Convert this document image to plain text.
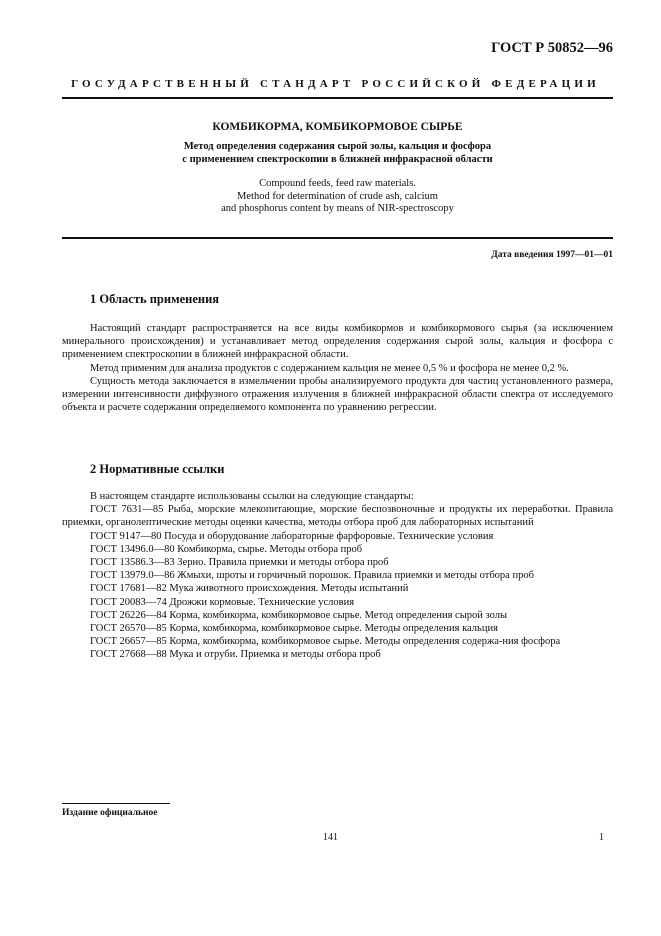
ГОСТ Р 50852—96
ГОСУДАРСТВЕННЫЙ СТАНДАРТ РОССИЙСКОЙ ФЕДЕРАЦИИ
КОМБИКОРМА, КОМБИКОРМОВОЕ СЫРЬЕ
Метод определения содержания сырой золы, кальция и фосфора
с применением спектроскопии в ближней инфракрасной области
Compound feeds, feed raw materials.
Method for determination of crude ash, calcium
and phosphorus content by means of NIR-spectroscopy
Дата введения 1997—01—01
1 Область применения

Настоящий стандарт распространяется на все виды комбикормов и комбикормового сырья (за исключением минерального происхождения) и устанавливает метод определения содержания сырой золы, кальция и фосфора с применением спектроскопии в ближней инфракрасной области.

Метод применим для анализа продуктов с содержанием кальция не менее 0,5 % и фосфора не менее 0,2 %.

Сущность метода заключается в измельчении пробы анализируемого продукта для частиц установленного размера, измерении интенсивности диффузного отражения излучения в ближней инфракрасной области спектра от исследуемого объекта и расчете содержания определяемого компонента по уравнению регрессии.

2 Нормативные ссылки

В настоящем стандарте использованы ссылки на следующие стандарты:

ГОСТ 7631—85 Рыба, морские млекопитающие, морские беспозвоночные и продукты их переработки. Правила приемки, органолептические методы оценки качества, методы отбора проб для лабораторных испытаний

ГОСТ 9147—80 Посуда и оборудование лабораторные фарфоровые. Технические условия

ГОСТ 13496.0—80 Комбикорма, сырье. Методы отбора проб

ГОСТ 13586.3—83 Зерно. Правила приемки и методы отбора проб

ГОСТ 13979.0—86 Жмыхи, шроты и горчичный порошок. Правила приемки и методы отбора проб

ГОСТ 17681—82 Мука животного происхождения. Методы испытаний

ГОСТ 20083—74 Дрожжи кормовые. Технические условия

ГОСТ 26226—84 Корма, комбикорма, комбикормовое сырье. Метод определения сырой золы

ГОСТ 26570—85 Корма, комбикорма, комбикормовое сырье. Методы определения кальция

ГОСТ 26657—85 Корма, комбикорма, комбикормовое сырье. Методы определения содержа-ния фосфора

ГОСТ 27668—88 Мука и отруби. Приемка и методы отбора проб

Издание официальное
141	1
